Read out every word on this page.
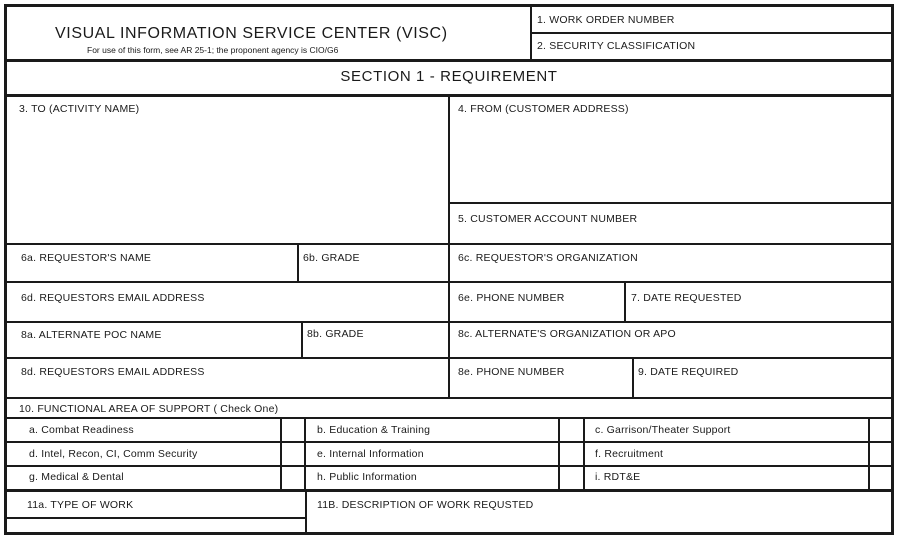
VISUAL INFORMATION SERVICE CENTER (VISC)
For use of this form, see AR 25-1; the proponent agency is CIO/G6
1. WORK ORDER NUMBER
2. SECURITY CLASSIFICATION
SECTION 1 - REQUIREMENT
3. TO (ACTIVITY NAME)	4. FROM (CUSTOMER ADDRESS)
5. CUSTOMER ACCOUNT NUMBER
6a. REQUESTOR'S NAME	6b. GRADE	6c. REQUESTOR'S ORGANIZATION
6d. REQUESTORS EMAIL ADDRESS	6e. PHONE NUMBER	7. DATE REQUESTED
8a. ALTERNATE POC NAME	8b. GRADE	8c. ALTERNATE'S ORGANIZATION OR APO
8d. REQUESTORS EMAIL ADDRESS	8e. PHONE NUMBER	9. DATE REQUIRED
10. FUNCTIONAL AREA OF SUPPORT ( Check One)
a. Combat Readiness	b. Education & Training	c. Garrison/Theater Support
d. Intel, Recon, CI, Comm Security	e. Internal Information	f. Recruitment
g. Medical & Dental	h. Public Information	i. RDT&E
11a. TYPE OF WORK	11B. DESCRIPTION OF WORK REQUSTED
